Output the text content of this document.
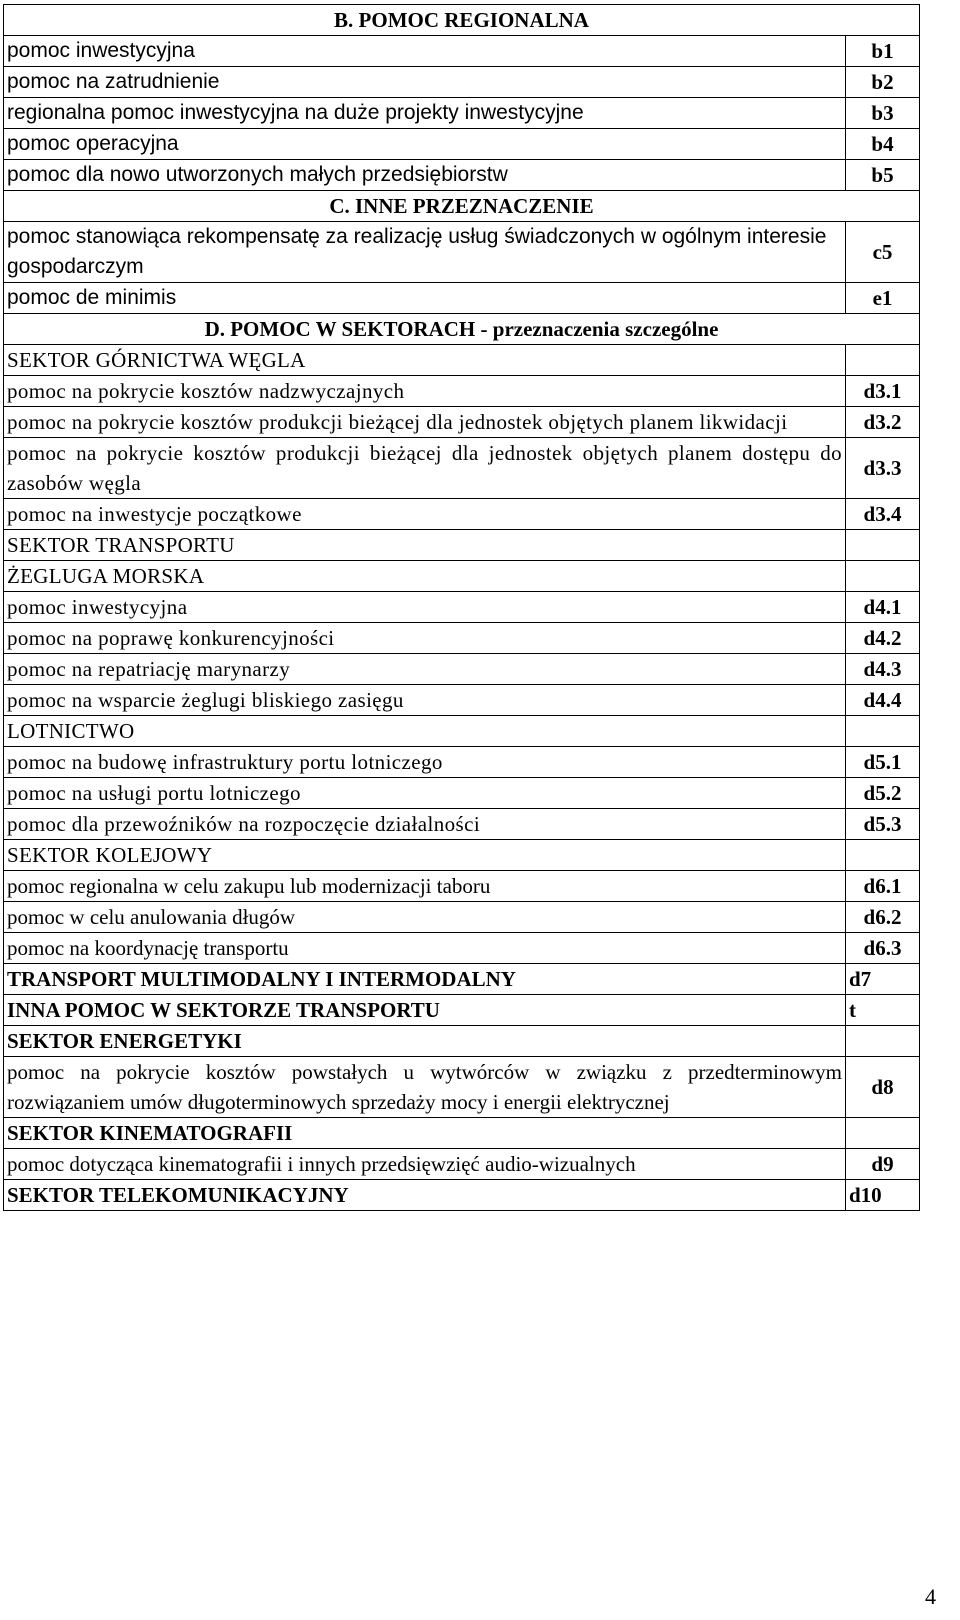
B. POMOC REGIONALNA	
pomoc inwestycyjna	b1
pomoc na zatrudnienie	b2
regionalna pomoc inwestycyjna na duże projekty inwestycyjne	b3
pomoc operacyjna	b4
pomoc dla nowo utworzonych małych przedsiębiorstw	b5
C. INNE PRZEZNACZENIE	
pomoc stanowiąca rekompensatę za realizację usług świadczonych w ogólnym interesie gospodarczym	c5
pomoc de minimis	e1
D. POMOC W SEKTORACH - przeznaczenia szczególne	
SEKTOR GÓRNICTWA WĘGLA	
pomoc na pokrycie kosztów nadzwyczajnych	d3.1
pomoc na pokrycie kosztów produkcji bieżącej dla jednostek objętych planem likwidacji	d3.2
pomoc na pokrycie kosztów produkcji bieżącej dla jednostek objętych planem dostępu do zasobów węgla	d3.3
pomoc na inwestycje początkowe	d3.4
SEKTOR TRANSPORTU	
ŻEGLUGA MORSKA	
pomoc inwestycyjna	d4.1
pomoc na poprawę konkurencyjności	d4.2
pomoc na repatriację marynarzy	d4.3
pomoc na wsparcie żeglugi bliskiego zasięgu	d4.4
LOTNICTWO	
pomoc na budowę infrastruktury portu lotniczego	d5.1
pomoc na usługi portu lotniczego	d5.2
pomoc dla przewoźników na rozpoczęcie działalności	d5.3
SEKTOR KOLEJOWY	
pomoc regionalna w celu zakupu lub modernizacji taboru	d6.1
pomoc w celu anulowania długów	d6.2
pomoc na koordynację transportu	d6.3
TRANSPORT MULTIMODALNY I INTERMODALNY	d7
INNA POMOC W SEKTORZE TRANSPORTU	t
SEKTOR ENERGETYKI	
pomoc na pokrycie kosztów powstałych u wytwórców w związku z przedterminowym rozwiązaniem umów długoterminowych sprzedaży mocy i energii elektrycznej	d8
SEKTOR KINEMATOGRAFII	
pomoc dotycząca kinematografii i innych przedsięwzięć audio-wizualnych	d9
SEKTOR TELEKOMUNIKACYJNY	d10
4
